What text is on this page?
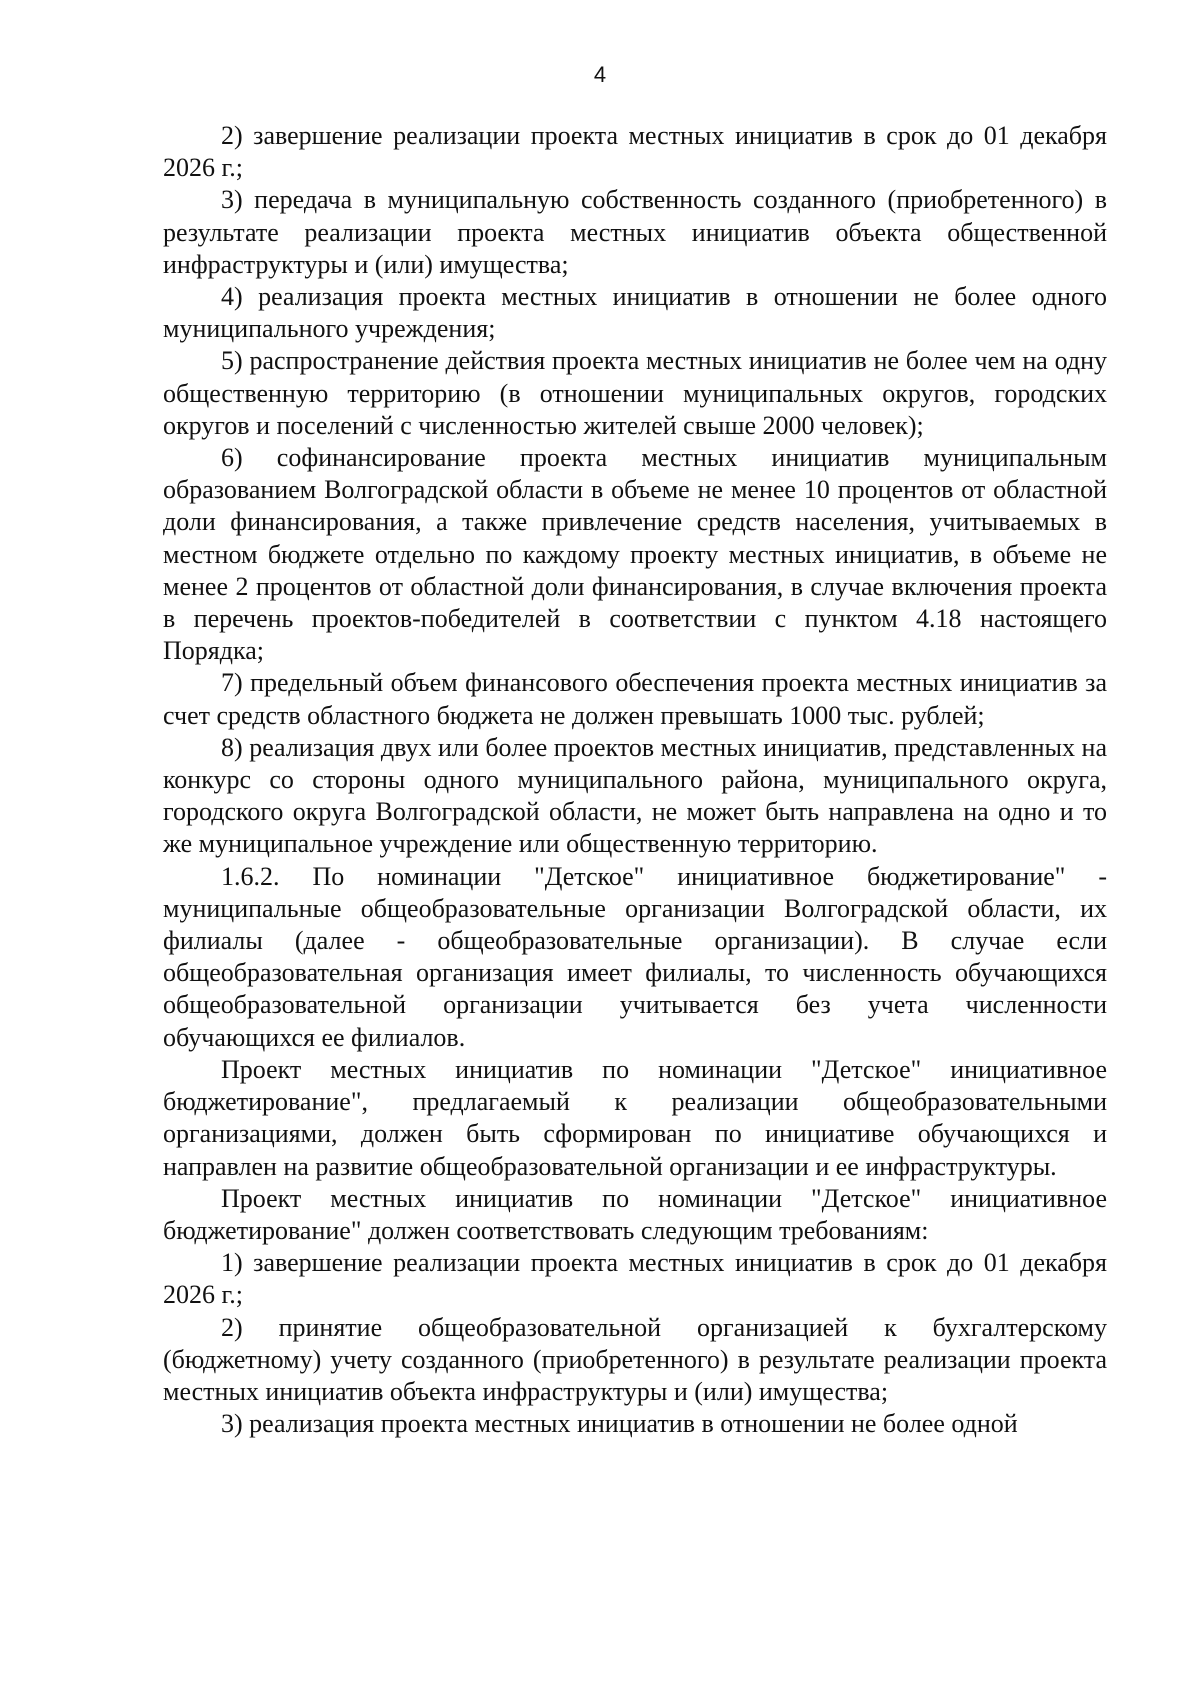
4

2) завершение реализации проекта местных инициатив в срок до 01 декабря 2026 г.;

3) передача в муниципальную собственность созданного (приобретенного) в результате реализации проекта местных инициатив объекта общественной инфраструктуры и (или) имущества;

4) реализация проекта местных инициатив в отношении не более одного муниципального учреждения;

5) распространение действия проекта местных инициатив не более чем на одну общественную территорию (в отношении муниципальных округов, городских округов и поселений с численностью жителей свыше 2000 человек);

6) софинансирование проекта местных инициатив муниципальным образованием Волгоградской области в объеме не менее 10 процентов от областной доли финансирования, а также привлечение средств населения, учитываемых в местном бюджете отдельно по каждому проекту местных инициатив, в объеме не менее 2 процентов от областной доли финансирования, в случае включения проекта в перечень проектов-победителей в соответствии с пунктом 4.18 настоящего Порядка;

7) предельный объем финансового обеспечения проекта местных инициатив за счет средств областного бюджета не должен превышать 1000 тыс. рублей;

8) реализация двух или более проектов местных инициатив, представленных на конкурс со стороны одного муниципального района, муниципального округа, городского округа Волгоградской области, не может быть направлена на одно и то же муниципальное учреждение или общественную территорию.

1.6.2. По номинации "Детское" инициативное бюджетирование" - муниципальные общеобразовательные организации Волгоградской области, их филиалы (далее - общеобразовательные организации). В случае если общеобразовательная организация имеет филиалы, то численность обучающихся общеобразовательной организации учитывается без учета численности обучающихся ее филиалов.

Проект местных инициатив по номинации "Детское" инициативное бюджетирование", предлагаемый к реализации общеобразовательными организациями, должен быть сформирован по инициативе обучающихся и направлен на развитие общеобразовательной организации и ее инфраструктуры.

Проект местных инициатив по номинации "Детское" инициативное бюджетирование" должен соответствовать следующим требованиям:

1) завершение реализации проекта местных инициатив в срок до 01 декабря 2026 г.;

2) принятие общеобразовательной организацией к бухгалтерскому (бюджетному) учету созданного (приобретенного) в результате реализации проекта местных инициатив объекта инфраструктуры и (или) имущества;

3) реализация проекта местных инициатив в отношении не более одной
